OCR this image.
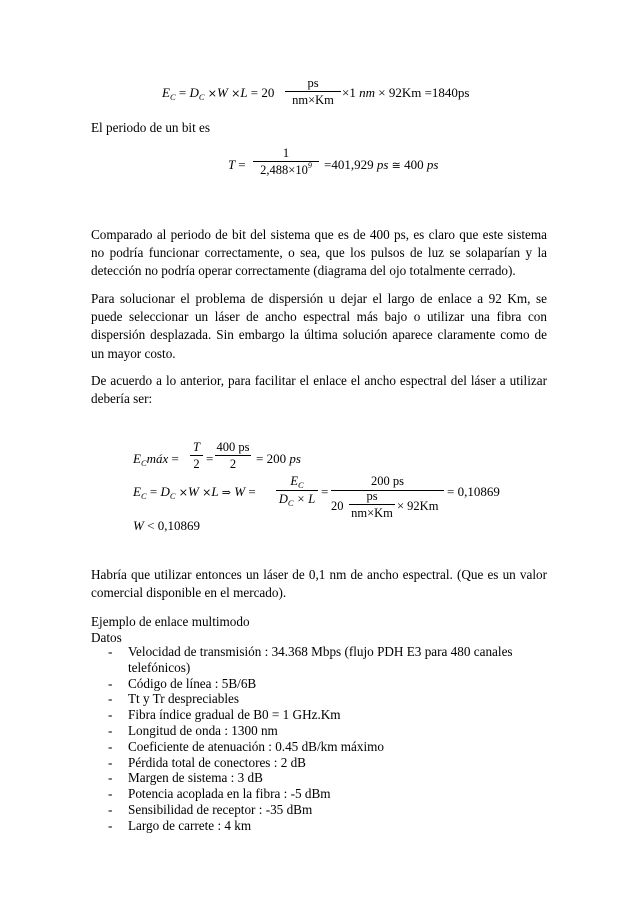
$E_C = D_C \times W \times L = 20$
ps
nm×Km ×1 nm × 92Km =1840ps

El periodo de un bit es

T =
1
$2,488\times 10^9 =401,929$ ps ≅ 400 ps

Comparado al periodo de bit del sistema que es de 400 ps, es claro que este sistema no podría funcionar correctamente, o sea, que los pulsos de luz se solaparían y la detección no podría operar correctamente (diagrama del ojo totalmente cerrado).

Para solucionar el problema de dispersión u dejar el largo de enlace a 92 Km, se puede seleccionar un láser de ancho espectral más bajo o utilizar una fibra con dispersión desplazada. Sin embargo la última solución aparece claramente como de un mayor costo.

De acuerdo a lo anterior, para facilitar el enlace el ancho espectral del láser a utilizar debería ser:

$E_Cmáx$ =
T
2 =
400 ps
2	= 200 ps
$E_C = D_C \times W \times L$ ⇒ W =
$E_C$
$D_C \times L$ =
200 ps
20
ps
nm×Km × 92Km
= 0,10869
W < 0,10869

Habría que utilizar entonces un láser de 0,1 nm de ancho espectral. (Que es un valor comercial disponible en el mercado).

Ejemplo de enlace multimodo

Datos

- Velocidad de transmisión : 34.368 Mbps (flujo PDH E3 para 480 canales telefónicos)
- Código de línea : 5B/6B
- Tt y Tr despreciables
- Fibra índice gradual de B0 = 1 GHz.Km
- Longitud de onda : 1300 nm
- Coeficiente de atenuación : 0.45 dB/km máximo
- Pérdida total de conectores : 2 dB
- Margen de sistema : 3 dB
- Potencia acoplada en la fibra : -5 dBm
- Sensibilidad de receptor : -35 dBm
- Largo de carrete : 4 km
